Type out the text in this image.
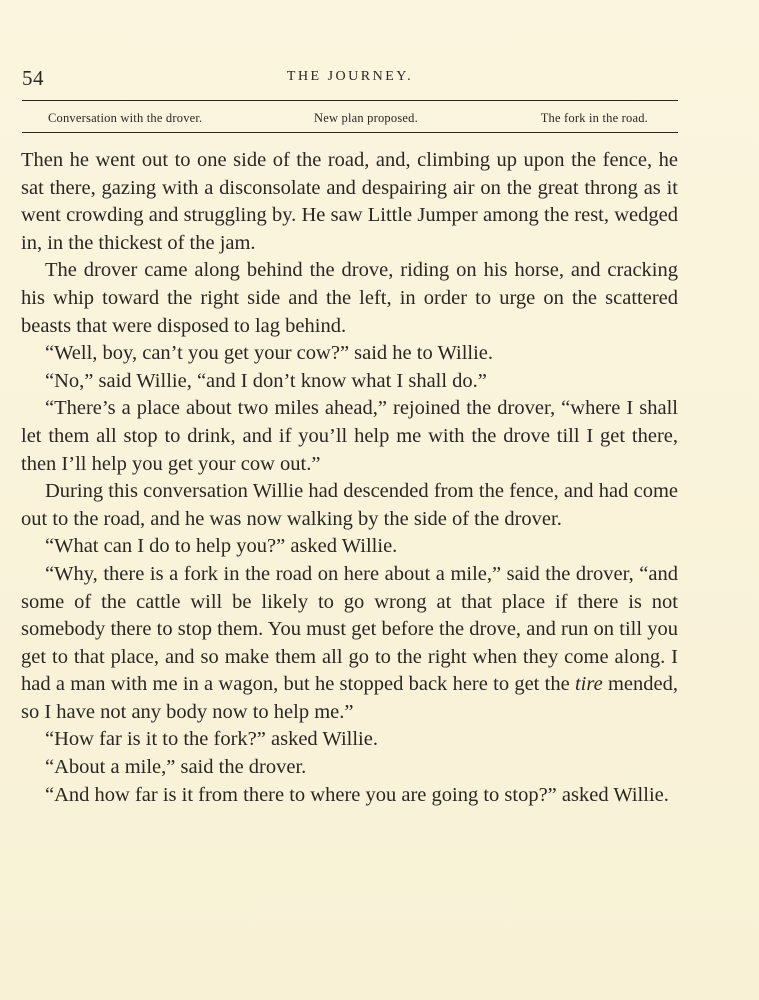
54	THE JOURNEY.
Conversation with the drover.	New plan proposed.	The fork in the road.

Then he went out to one side of the road, and, climbing up upon the fence, he sat there, gazing with a disconsolate and despairing air on the great throng as it went crowding and struggling by. He saw Little Jumper among the rest, wedged in, in the thickest of the jam.

The drover came along behind the drove, riding on his horse, and cracking his whip toward the right side and the left, in order to urge on the scattered beasts that were disposed to lag behind.

“Well, boy, can’t you get your cow?” said he to Willie.

“No,” said Willie, “and I don’t know what I shall do.”

“There’s a place about two miles ahead,” rejoined the drover, “where I shall let them all stop to drink, and if you’ll help me with the drove till I get there, then I’ll help you get your cow out.”

During this conversation Willie had descended from the fence, and had come out to the road, and he was now walking by the side of the drover.

“What can I do to help you?” asked Willie.

“Why, there is a fork in the road on here about a mile,” said the drover, “and some of the cattle will be likely to go wrong at that place if there is not somebody there to stop them. You must get before the drove, and run on till you get to that place, and so make them all go to the right when they come along. I had a man with me in a wagon, but he stopped back here to get the tire mended, so I have not any body now to help me.”

“How far is it to the fork?” asked Willie.

“About a mile,” said the drover.

“And how far is it from there to where you are going to stop?” asked Willie.
